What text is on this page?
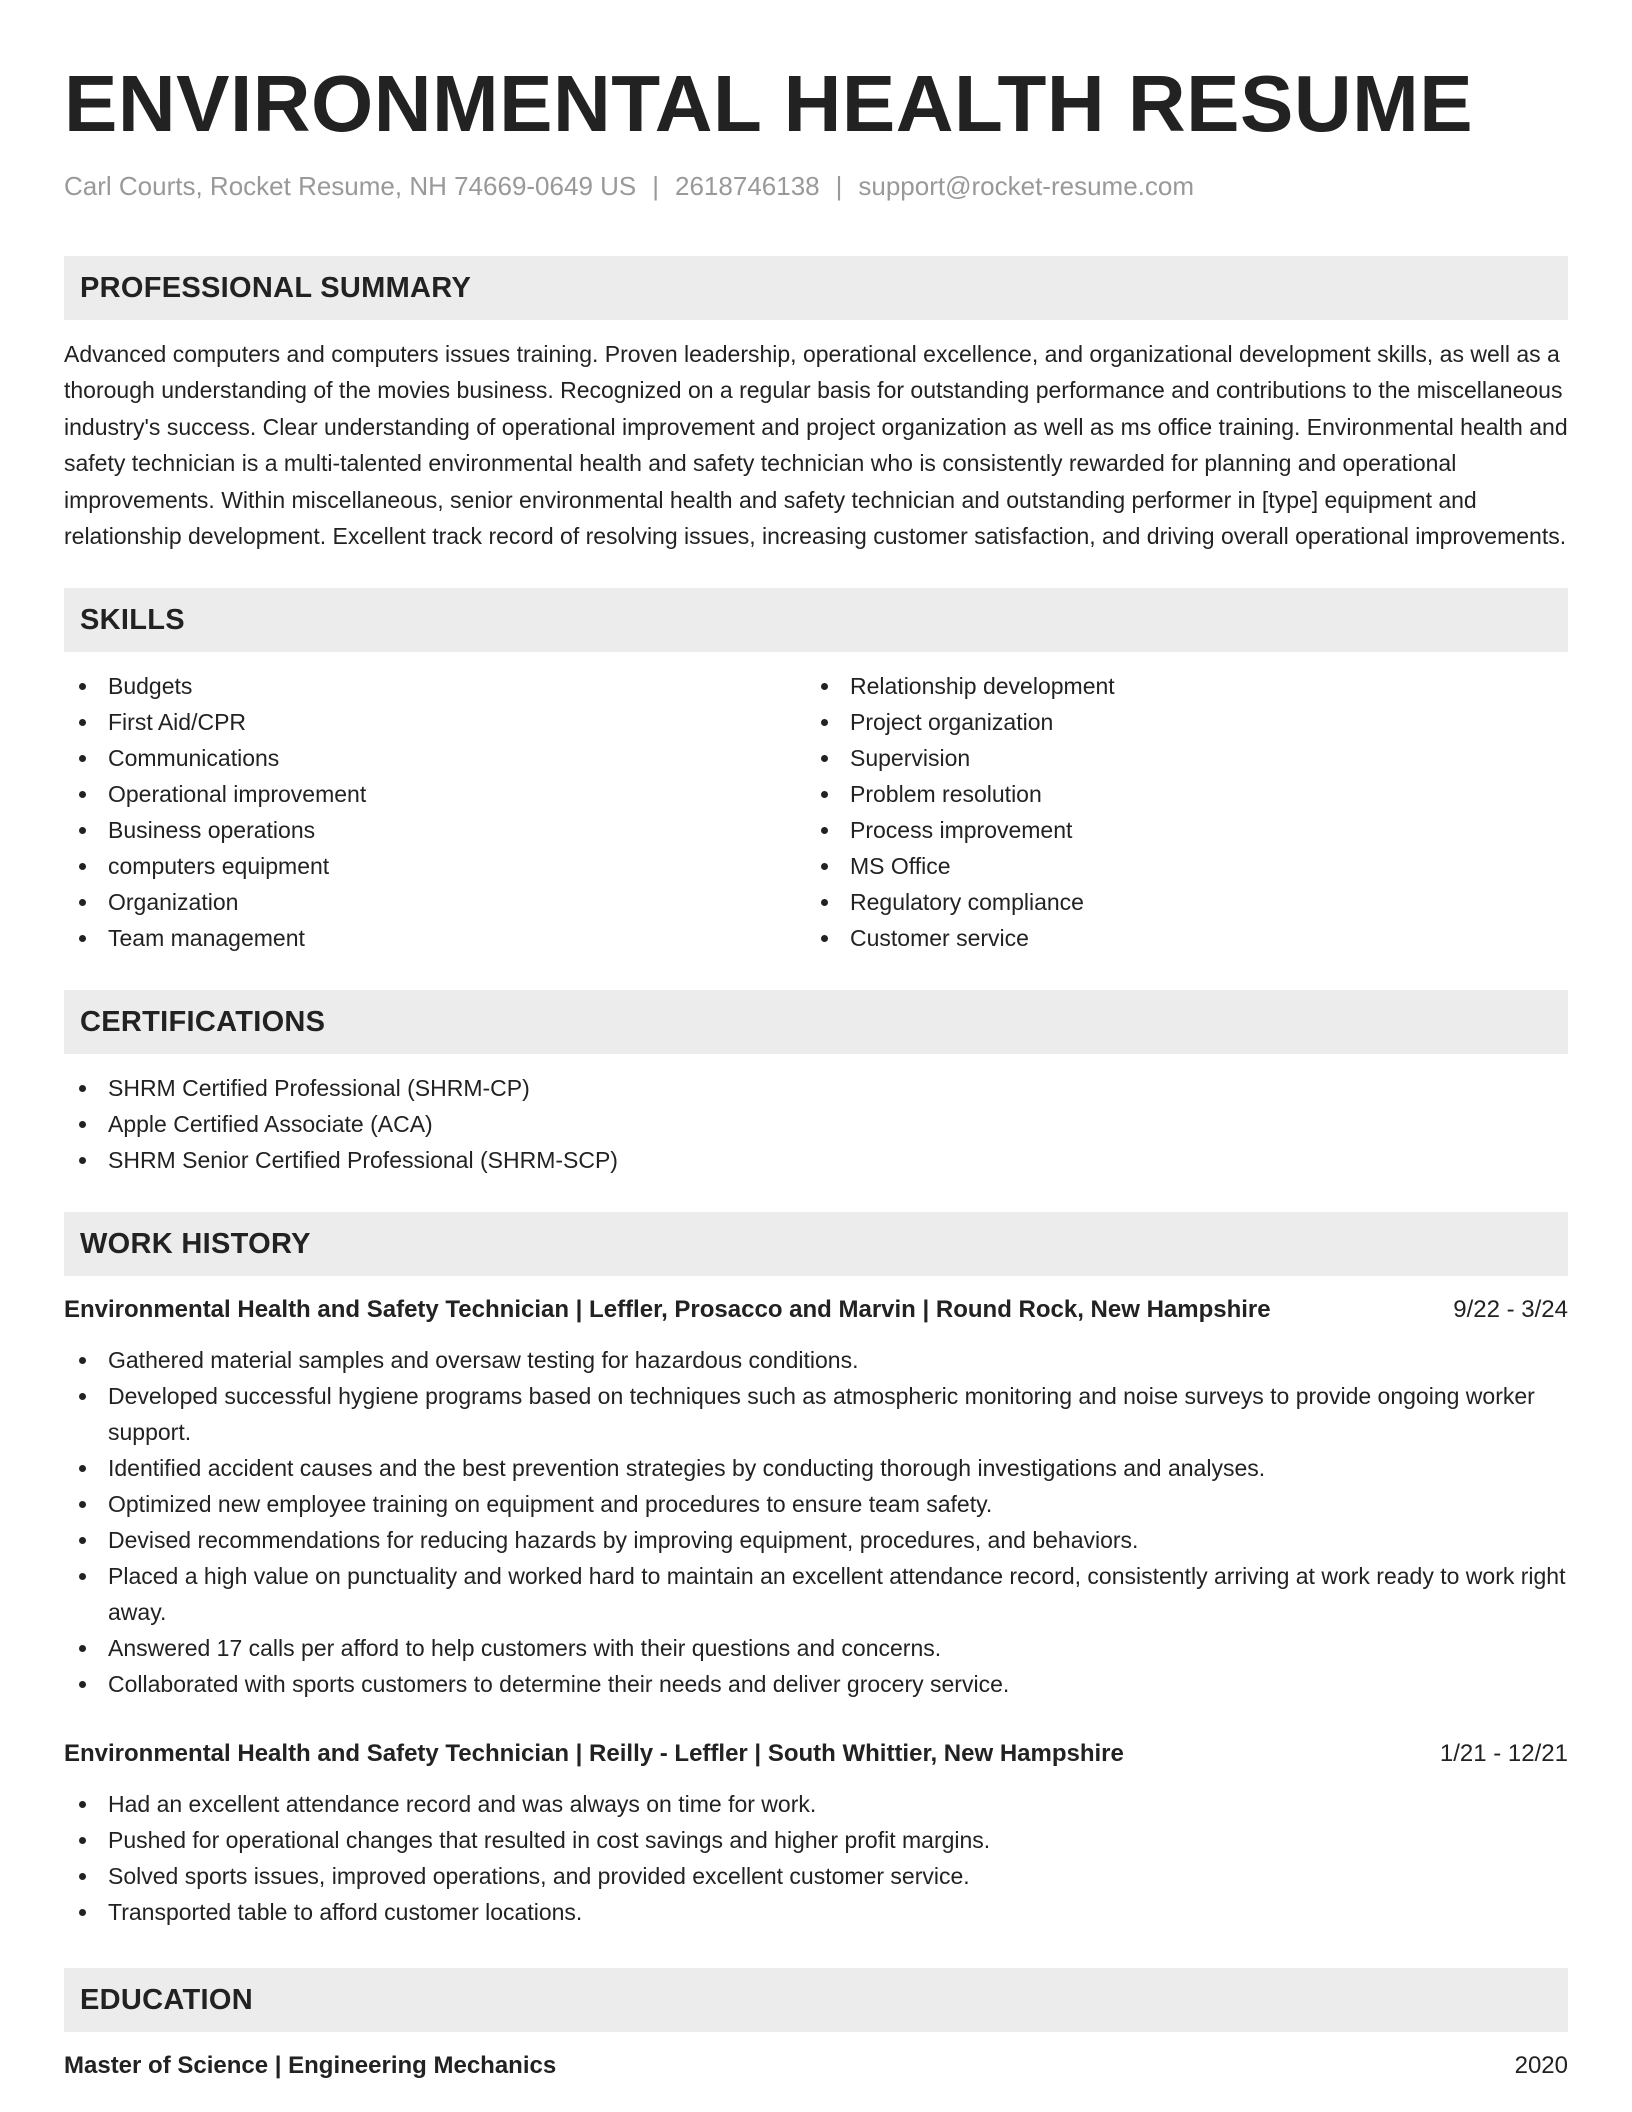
ENVIRONMENTAL HEALTH RESUME
Carl Courts, Rocket Resume, NH 74669-0649 US | 2618746138 | support@rocket-resume.com
PROFESSIONAL SUMMARY

Advanced computers and computers issues training. Proven leadership, operational excellence, and organizational development skills, as well as a thorough understanding of the movies business. Recognized on a regular basis for outstanding performance and contributions to the miscellaneous industry's success. Clear understanding of operational improvement and project organization as well as ms office training. Environmental health and safety technician is a multi-talented environmental health and safety technician who is consistently rewarded for planning and operational improvements. Within miscellaneous, senior environmental health and safety technician and outstanding performer in [type] equipment and relationship development. Excellent track record of resolving issues, increasing customer satisfaction, and driving overall operational improvements.

SKILLS
Budgets
First Aid/CPR
Communications
Operational improvement
Business operations
computers equipment
Organization
Team management
Relationship development
Project organization
Supervision
Problem resolution
Process improvement
MS Office
Regulatory compliance
Customer service
CERTIFICATIONS
SHRM Certified Professional (SHRM-CP)
Apple Certified Associate (ACA)
SHRM Senior Certified Professional (SHRM-SCP)
WORK HISTORY
Environmental Health and Safety Technician | Leffler, Prosacco and Marvin | Round Rock, New Hampshire	9/22 - 3/24
Gathered material samples and oversaw testing for hazardous conditions.
Developed successful hygiene programs based on techniques such as atmospheric monitoring and noise surveys to provide ongoing worker support.
Identified accident causes and the best prevention strategies by conducting thorough investigations and analyses.
Optimized new employee training on equipment and procedures to ensure team safety.
Devised recommendations for reducing hazards by improving equipment, procedures, and behaviors.
Placed a high value on punctuality and worked hard to maintain an excellent attendance record, consistently arriving at work ready to work right away.
Answered 17 calls per afford to help customers with their questions and concerns.
Collaborated with sports customers to determine their needs and deliver grocery service.
Environmental Health and Safety Technician | Reilly - Leffler | South Whittier, New Hampshire	1/21 - 12/21
Had an excellent attendance record and was always on time for work.
Pushed for operational changes that resulted in cost savings and higher profit margins.
Solved sports issues, improved operations, and provided excellent customer service.
Transported table to afford customer locations.
EDUCATION
Master of Science | Engineering Mechanics	2020
